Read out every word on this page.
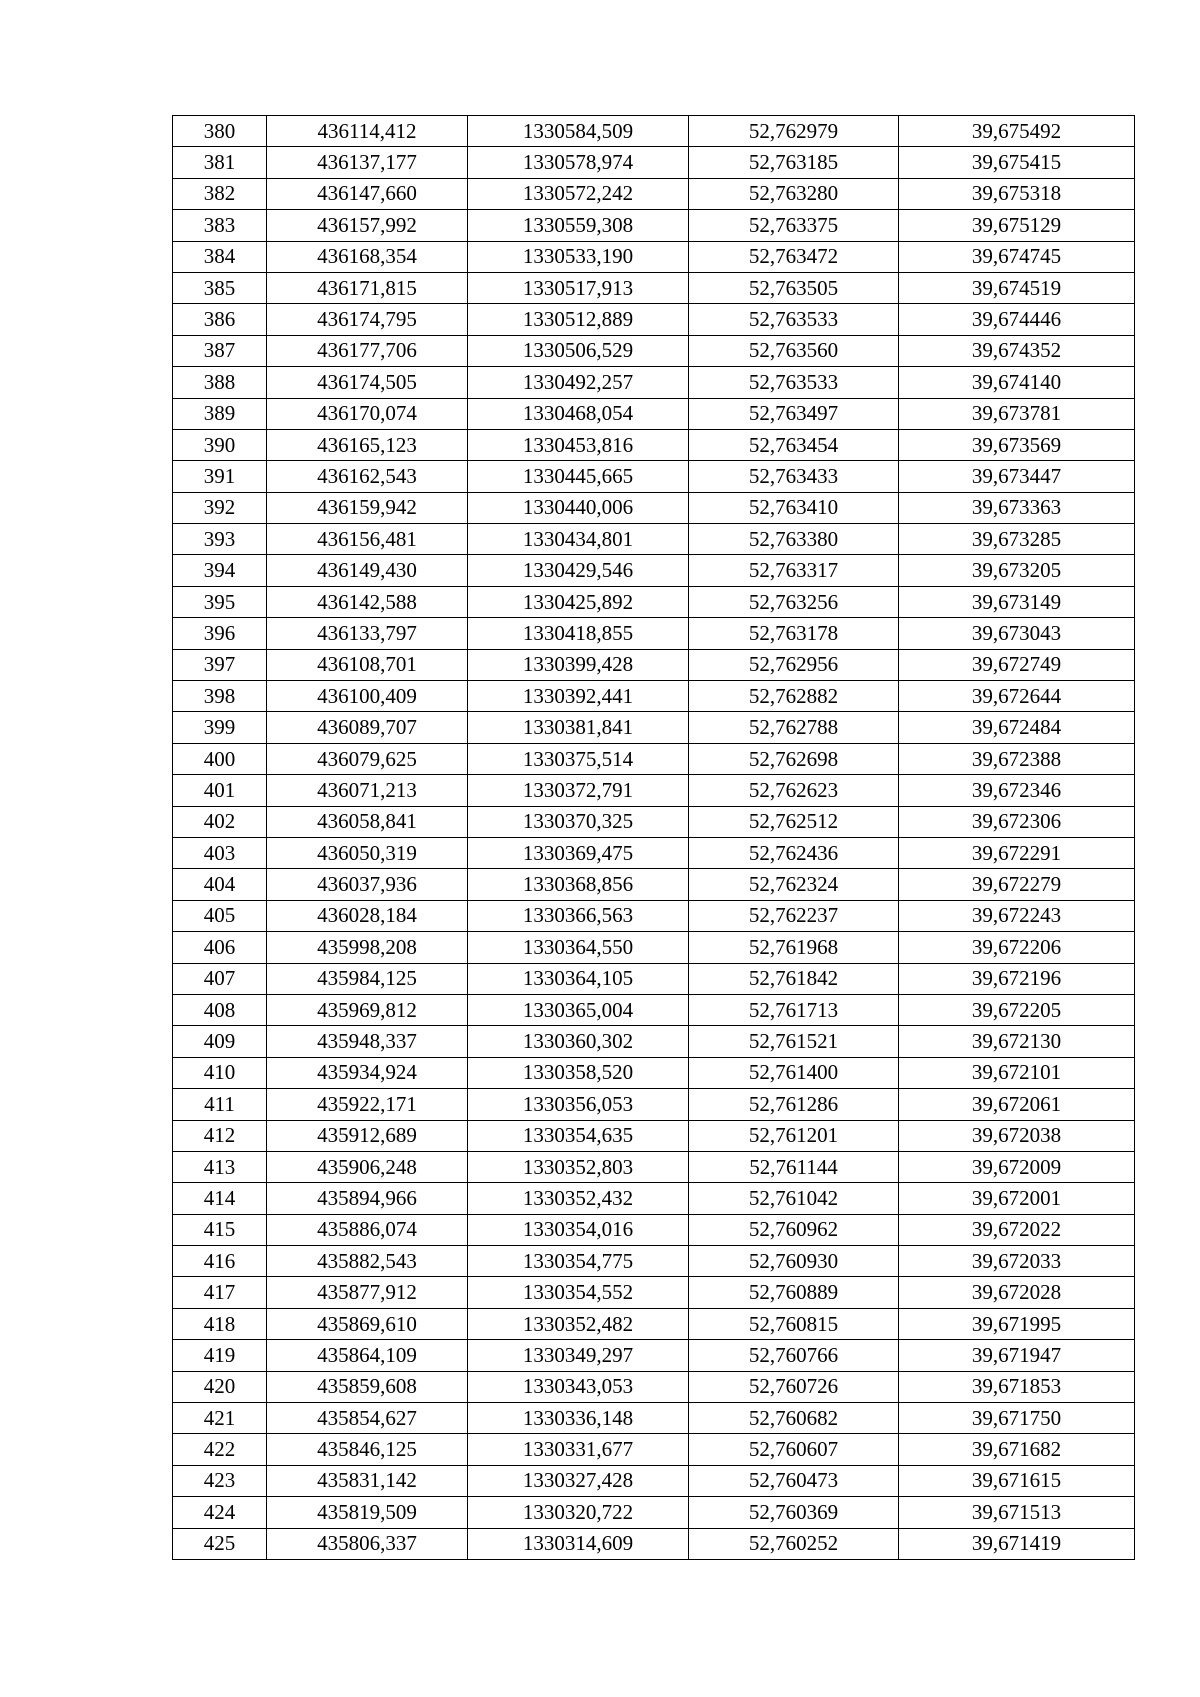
380	436114,412	1330584,509	52,762979	39,675492
381	436137,177	1330578,974	52,763185	39,675415
382	436147,660	1330572,242	52,763280	39,675318
383	436157,992	1330559,308	52,763375	39,675129
384	436168,354	1330533,190	52,763472	39,674745
385	436171,815	1330517,913	52,763505	39,674519
386	436174,795	1330512,889	52,763533	39,674446
387	436177,706	1330506,529	52,763560	39,674352
388	436174,505	1330492,257	52,763533	39,674140
389	436170,074	1330468,054	52,763497	39,673781
390	436165,123	1330453,816	52,763454	39,673569
391	436162,543	1330445,665	52,763433	39,673447
392	436159,942	1330440,006	52,763410	39,673363
393	436156,481	1330434,801	52,763380	39,673285
394	436149,430	1330429,546	52,763317	39,673205
395	436142,588	1330425,892	52,763256	39,673149
396	436133,797	1330418,855	52,763178	39,673043
397	436108,701	1330399,428	52,762956	39,672749
398	436100,409	1330392,441	52,762882	39,672644
399	436089,707	1330381,841	52,762788	39,672484
400	436079,625	1330375,514	52,762698	39,672388
401	436071,213	1330372,791	52,762623	39,672346
402	436058,841	1330370,325	52,762512	39,672306
403	436050,319	1330369,475	52,762436	39,672291
404	436037,936	1330368,856	52,762324	39,672279
405	436028,184	1330366,563	52,762237	39,672243
406	435998,208	1330364,550	52,761968	39,672206
407	435984,125	1330364,105	52,761842	39,672196
408	435969,812	1330365,004	52,761713	39,672205
409	435948,337	1330360,302	52,761521	39,672130
410	435934,924	1330358,520	52,761400	39,672101
411	435922,171	1330356,053	52,761286	39,672061
412	435912,689	1330354,635	52,761201	39,672038
413	435906,248	1330352,803	52,761144	39,672009
414	435894,966	1330352,432	52,761042	39,672001
415	435886,074	1330354,016	52,760962	39,672022
416	435882,543	1330354,775	52,760930	39,672033
417	435877,912	1330354,552	52,760889	39,672028
418	435869,610	1330352,482	52,760815	39,671995
419	435864,109	1330349,297	52,760766	39,671947
420	435859,608	1330343,053	52,760726	39,671853
421	435854,627	1330336,148	52,760682	39,671750
422	435846,125	1330331,677	52,760607	39,671682
423	435831,142	1330327,428	52,760473	39,671615
424	435819,509	1330320,722	52,760369	39,671513
425	435806,337	1330314,609	52,760252	39,671419
